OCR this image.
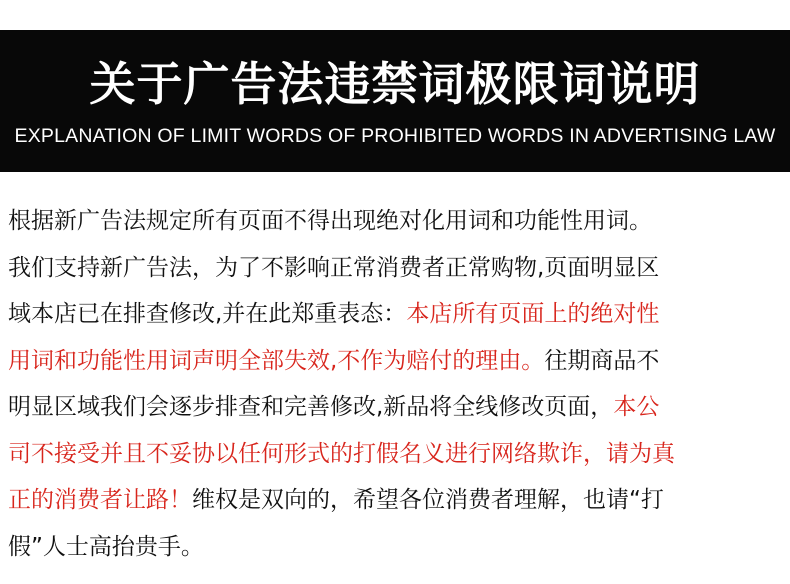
关于广告法违禁词极限词说明

EXPLANATION OF LIMIT WORDS OF PROHIBITED WORDS IN ADVERTISING LAW

根据新广告法规定所有页面不得出现绝对化用词和功能性用词。
我们支持新广告法，为了不影响正常消费者正常购物,页面明显区
域本店已在排查修改,并在此郑重表态：本店所有页面上的绝对性
用词和功能性用词声明全部失效,不作为赔付的理由。往期商品不
明显区域我们会逐步排查和完善修改,新品将全线修改页面，本公
司不接受并且不妥协以任何形式的打假名义进行网络欺诈，请为真
正的消费者让路！维权是双向的，希望各位消费者理解，也请“打
假”人士高抬贵手。
